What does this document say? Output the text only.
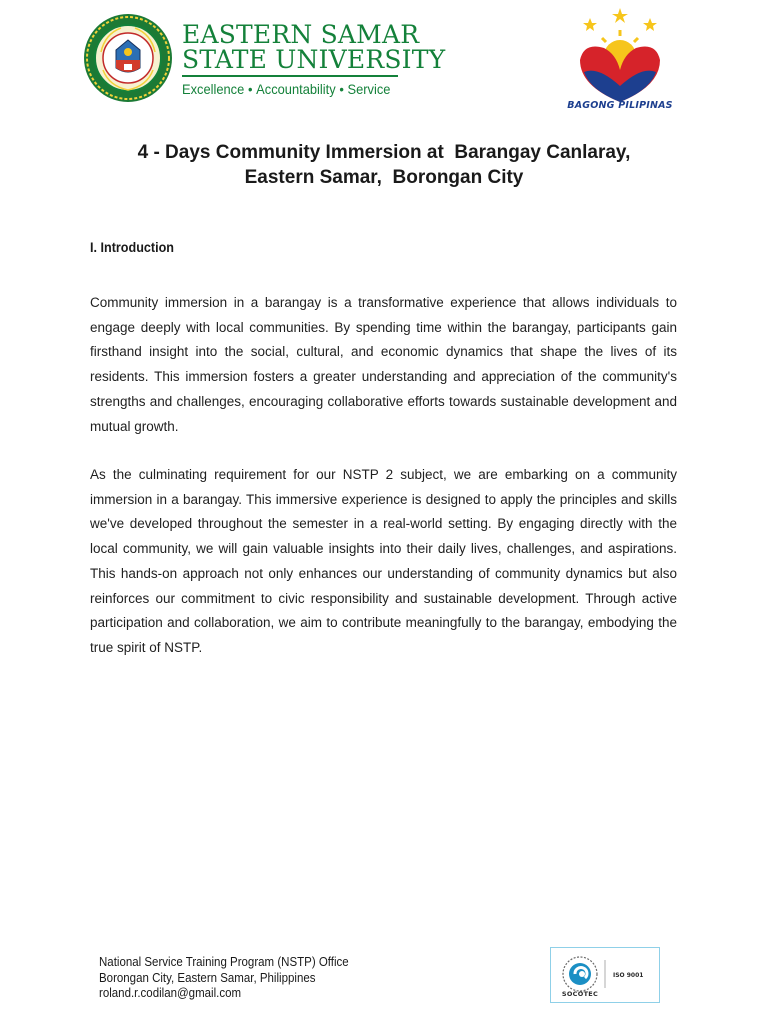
EASTERN SAMAR
STATE UNIVERSITY
Excellence • Accountability • Service
BAGONG PILIPINAS
4 - Days Community Immersion at  Barangay Canlaray,
Eastern Samar,  Borongan City
I. Introduction

Community immersion in a barangay is a transformative experience that allows individuals to engage deeply with local communities. By spending time within the barangay, participants gain firsthand insight into the social, cultural, and economic dynamics that shape the lives of its residents. This immersion fosters a greater understanding and appreciation of the community's strengths and challenges, encouraging collaborative efforts towards sustainable development and mutual growth.

As the culminating requirement for our NSTP 2 subject, we are embarking on a community immersion in a barangay. This immersive experience is designed to apply the principles and skills we've developed throughout the semester in a real-world setting. By engaging directly with the local community, we will gain valuable insights into their daily lives, challenges, and aspirations. This hands-on approach not only enhances our understanding of community dynamics but also reinforces our commitment to civic responsibility and sustainable development. Through active participation and collaboration, we aim to contribute meaningfully to the barangay, embodying the true spirit of NSTP.

National Service Training Program (NSTP) Office
Borongan City, Eastern Samar, Philippines
roland.r.codilan@gmail.com
ISO 9001
SOCOTEC
